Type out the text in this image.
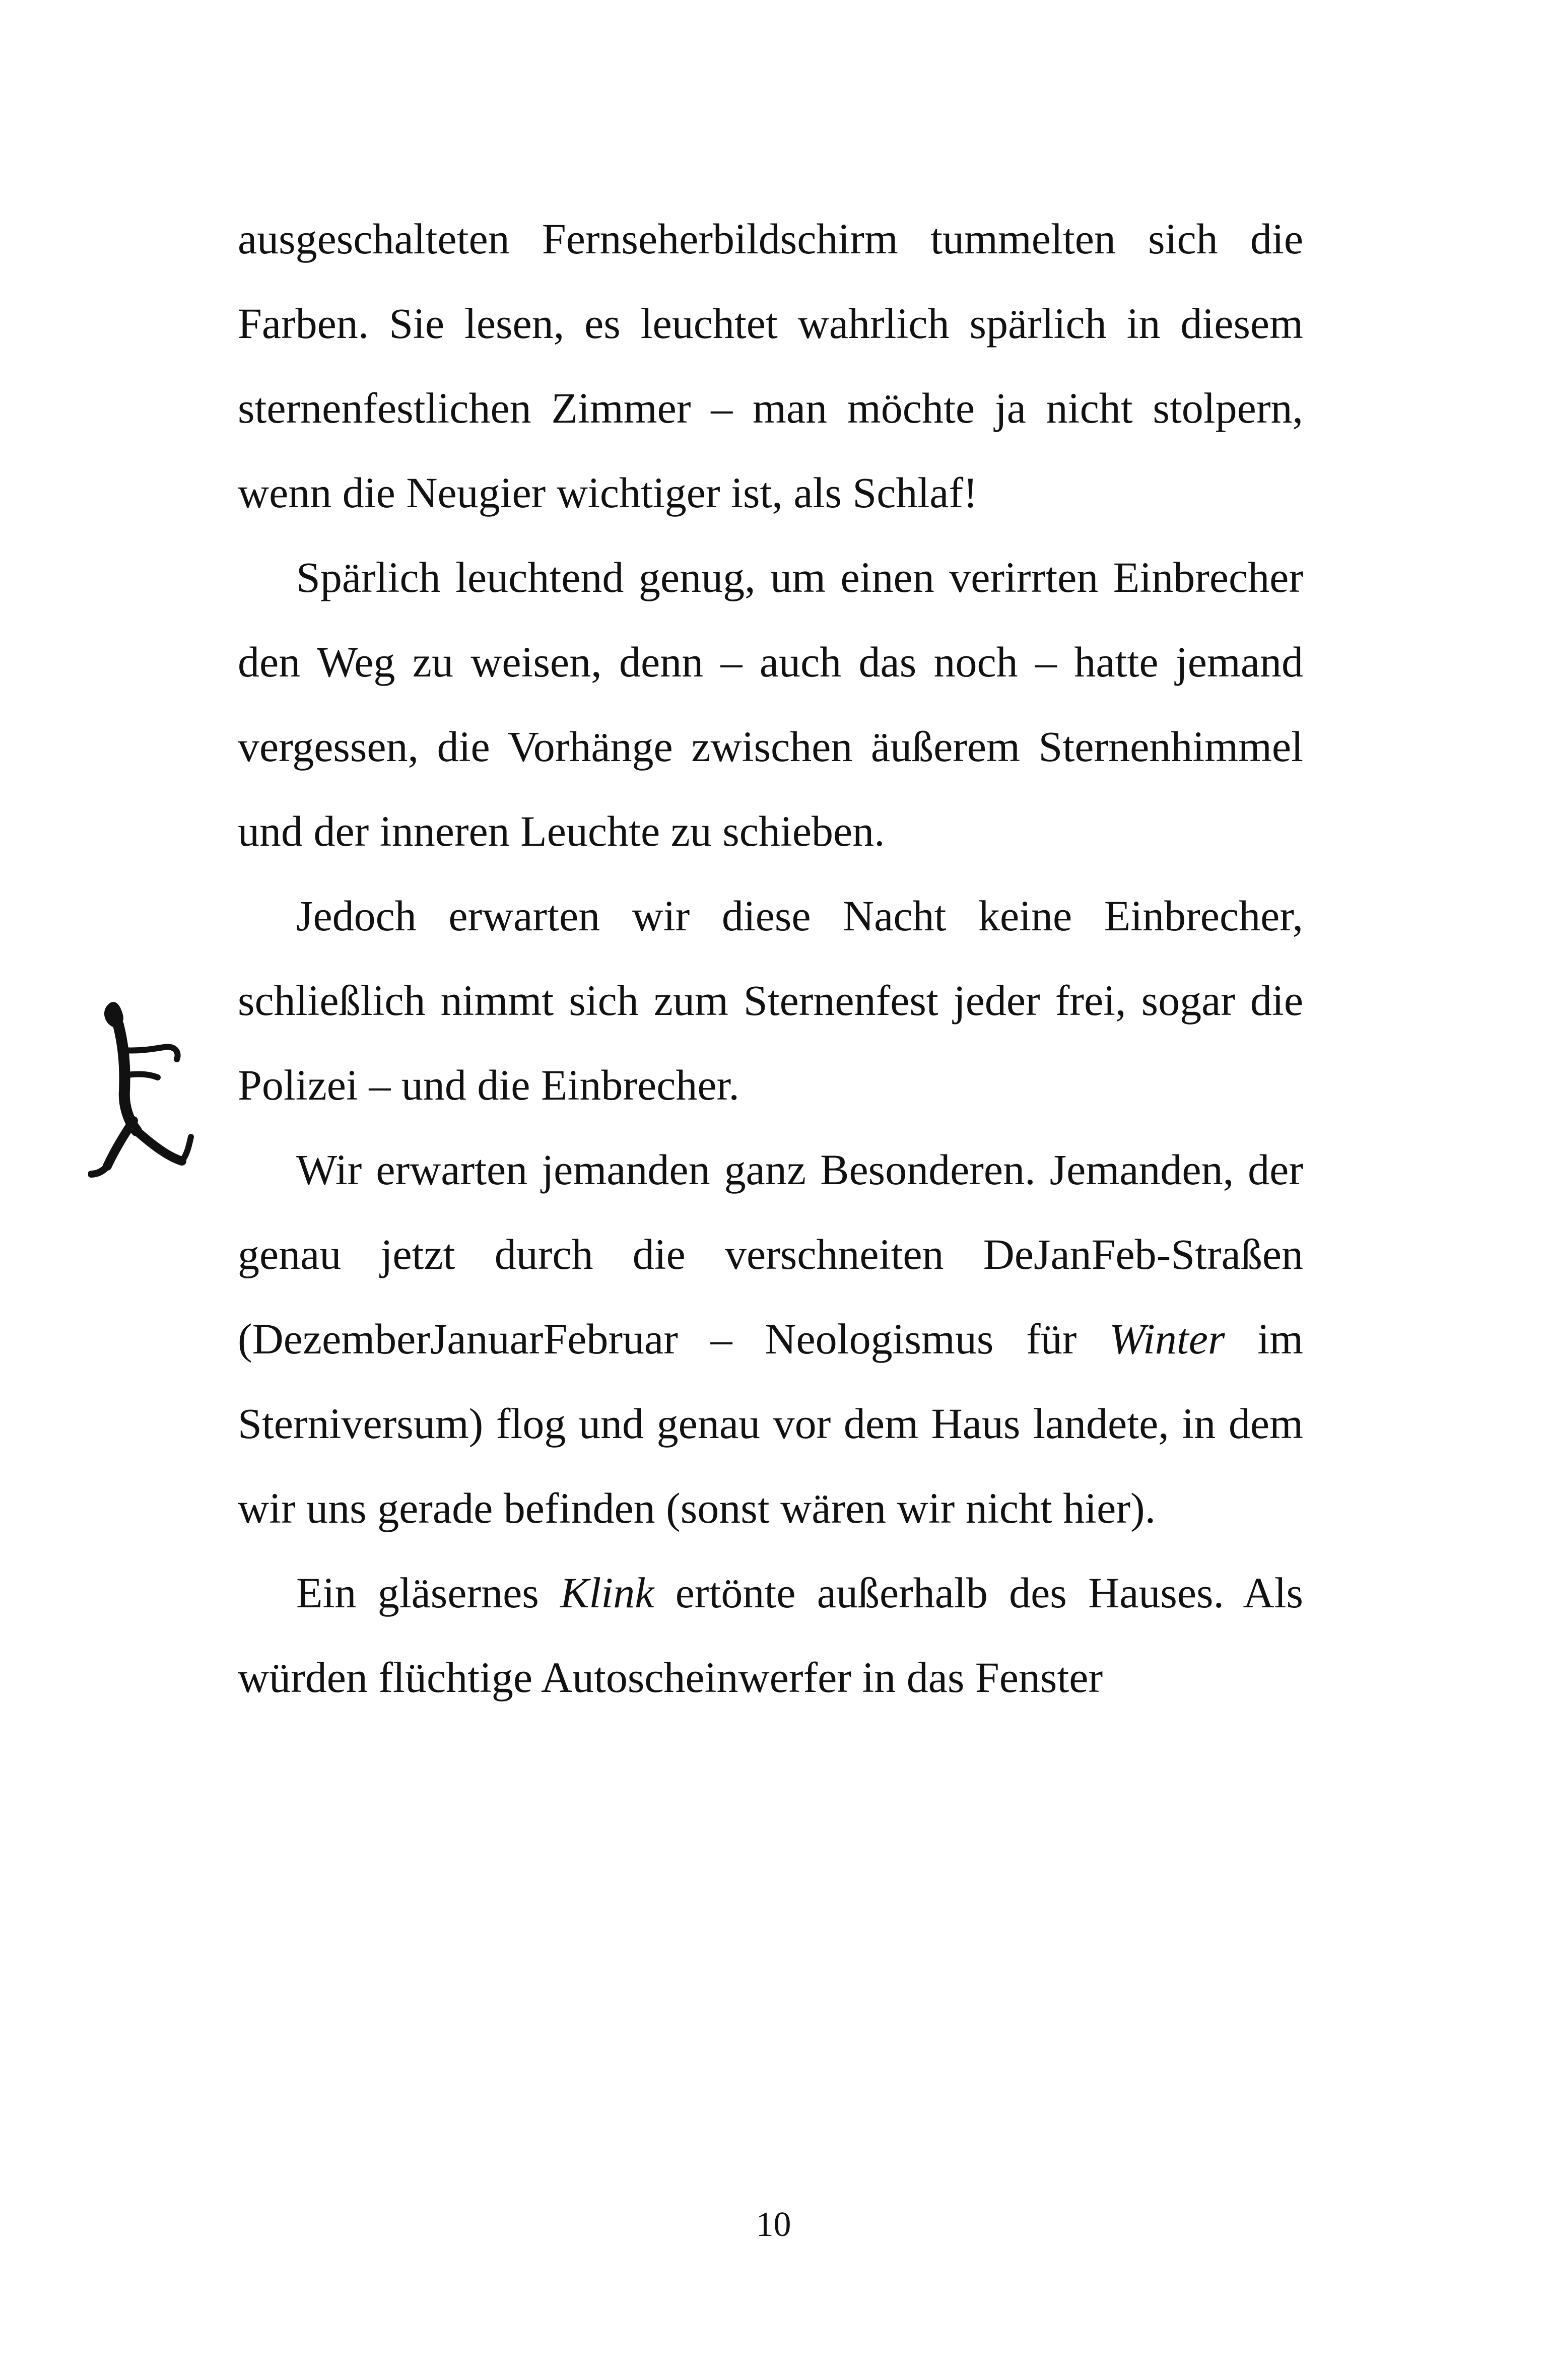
ausgeschalteten Fernseherbildschirm tummelten sich die Farben. Sie lesen, es leuchtet wahrlich spärlich in diesem sternenfestlichen Zimmer – man möchte ja nicht stolpern, wenn die Neugier wichtiger ist, als Schlaf!

Spärlich leuchtend genug, um einen verirrten Einbrecher den Weg zu weisen, denn – auch das noch – hatte jemand vergessen, die Vorhänge zwischen äußerem Sternenhimmel und der inneren Leuchte zu schieben.

Jedoch erwarten wir diese Nacht keine Einbrecher, schließlich nimmt sich zum Sternenfest jeder frei, sogar die Polizei – und die Einbrecher.

Wir erwarten jemanden ganz Besonderen. Jemanden, der genau jetzt durch die verschneiten DeJanFeb-Straßen (DezemberJanuarFebruar – Neologismus für Winter im Sterniversum) flog und genau vor dem Haus landete, in dem wir uns gerade befinden (sonst wären wir nicht hier).

Ein gläsernes Klink ertönte außerhalb des Hauses. Als würden flüchtige Autoscheinwerfer in das Fenster

10
